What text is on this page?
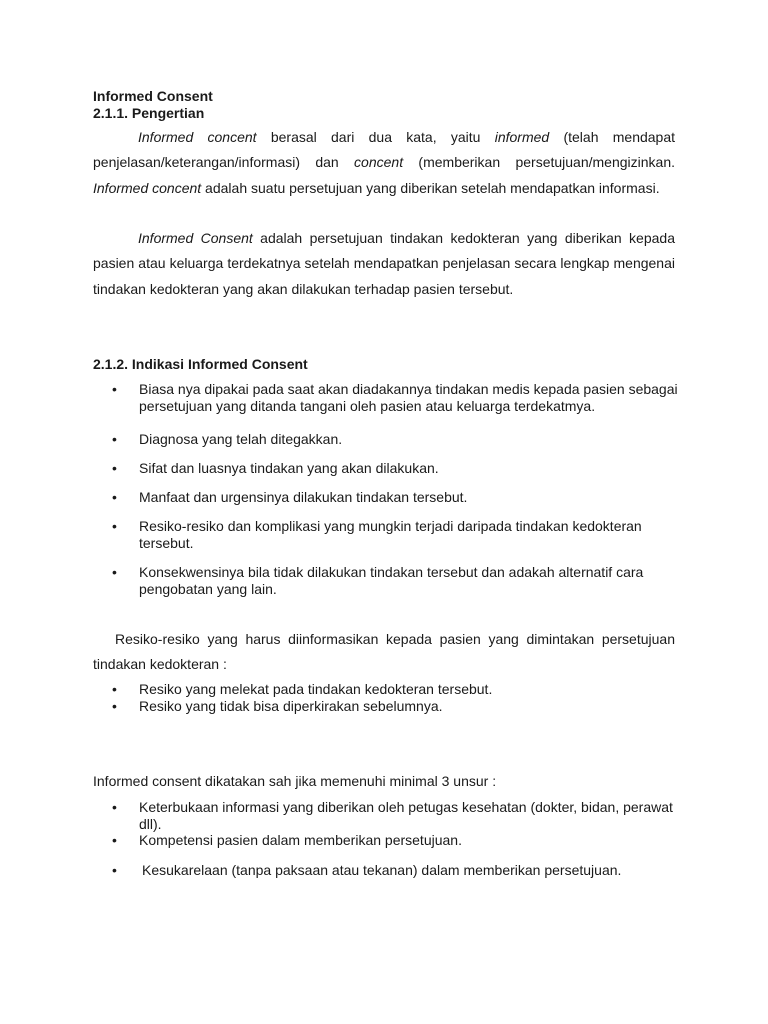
Informed Consent
2.1.1. Pengertian

Informed concent berasal dari dua kata, yaitu informed (telah mendapat penjelasan/keterangan/informasi) dan concent (memberikan persetujuan/mengizinkan. Informed concent adalah suatu persetujuan yang diberikan setelah mendapatkan informasi.

Informed Consent adalah persetujuan tindakan kedokteran yang diberikan kepada pasien atau keluarga terdekatnya setelah mendapatkan penjelasan secara lengkap mengenai tindakan kedokteran yang akan dilakukan terhadap pasien tersebut.

2.1.2. Indikasi Informed Consent
•	Biasa nya dipakai pada saat akan diadakannya tindakan medis kepada pasien sebagai persetujuan yang ditanda tangani oleh pasien atau keluarga terdekatmya.
•	Diagnosa yang telah ditegakkan.
•	Sifat dan luasnya tindakan yang akan dilakukan.
•	Manfaat dan urgensinya dilakukan tindakan tersebut.
•	Resiko-resiko dan komplikasi yang mungkin terjadi daripada tindakan kedokteran tersebut.
•	Konsekwensinya bila tidak dilakukan tindakan tersebut dan adakah alternatif cara pengobatan yang lain.

Resiko-resiko yang harus diinformasikan kepada pasien yang dimintakan persetujuan tindakan kedokteran :

•	Resiko yang melekat pada tindakan kedokteran tersebut.
•	Resiko yang tidak bisa diperkirakan sebelumnya.
Informed consent dikatakan sah jika memenuhi minimal 3 unsur :
•	Keterbukaan informasi yang diberikan oleh petugas kesehatan (dokter, bidan, perawat dll).
•	Kompetensi pasien dalam memberikan persetujuan.
•	Kesukarelaan (tanpa paksaan atau tekanan) dalam memberikan persetujuan.
